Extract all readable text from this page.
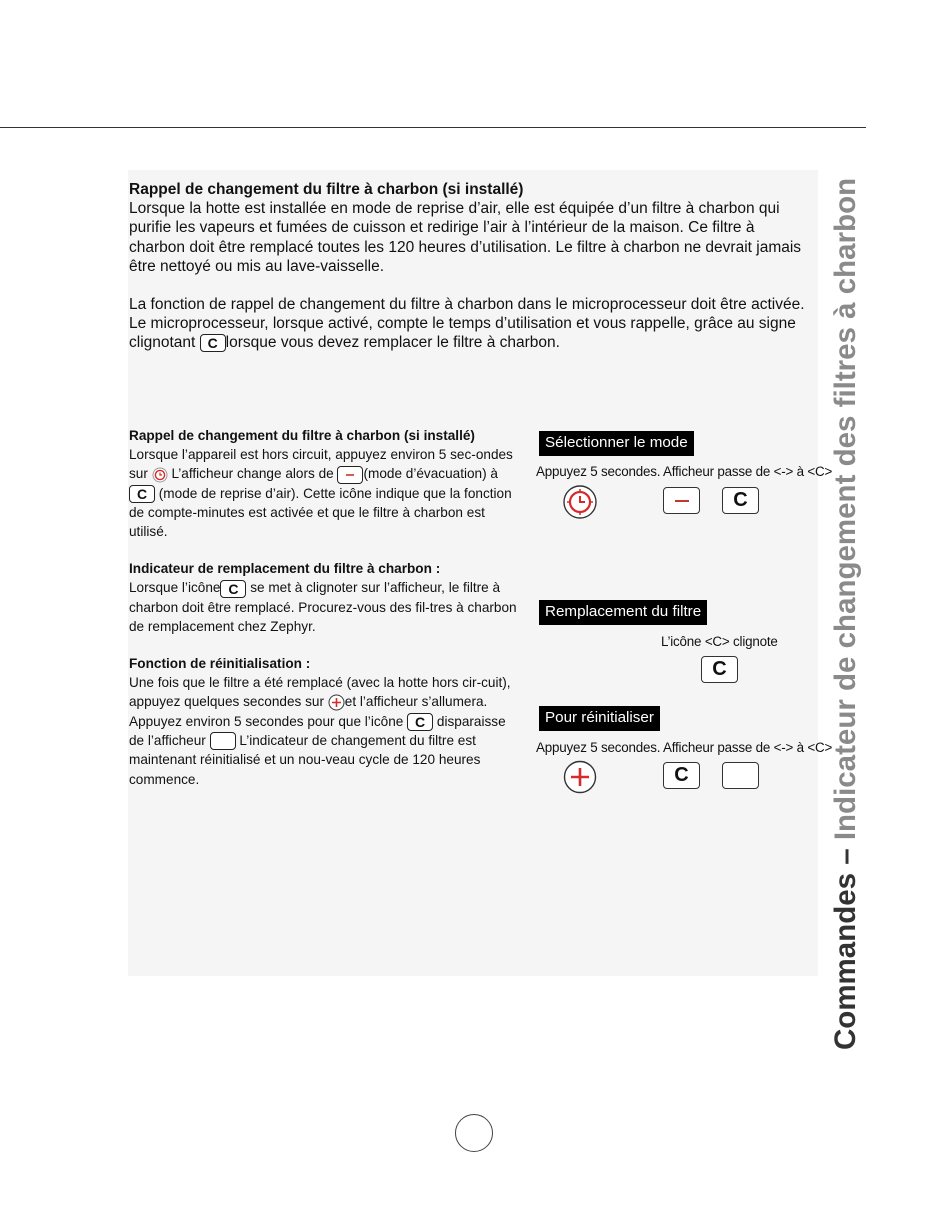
Commandes – Indicateur de changement des filtres à charbon

Rappel de changement du filtre à charbon (si installé)

Lorsque la hotte est installée en mode de reprise d’air, elle est équipée d’un filtre à charbon qui purifie les vapeurs et fumées de cuisson et redirige l’air à l’intérieur de la maison. Ce filtre à charbon doit être remplacé toutes les 120 heures d’utilisation. Le filtre à charbon ne devrait jamais être nettoyé ou mis au lave-vaisselle.

La fonction de rappel de changement du filtre à charbon dans le microprocesseur doit être activée. Le microprocesseur, lorsque activé, compte le temps d’utilisation et vous rappelle, grâce au signe clignotant C lorsque vous devez remplacer le filtre à charbon.

Rappel de changement du filtre à charbon (si installé)

Lorsque l’appareil est hors circuit, appuyez environ 5 sec-ondes sur  L’afficheur change alors de (mode d’évacuation) à C (mode de reprise d’air). Cette icône indique que la fonction de compte-minutes est activée et que le filtre à charbon est utilisé.

Indicateur de remplacement du filtre à charbon :

Lorsque l’icône C se met à clignoter sur l’afficheur, le filtre à charbon doit être remplacé. Procurez-vous des fil-tres à charbon de remplacement chez Zephyr.

Fonction de réinitialisation :

Une fois que le filtre a été remplacé (avec la hotte hors cir-cuit), appuyez quelques secondes sur et l’afficheur s’allumera. Appuyez environ 5 secondes pour que l’icône C disparaisse de l’afficheur  L’indicateur de changement du filtre est maintenant réinitialisé et un nou-veau cycle de 120 heures commence.

Sélectionner le mode
Appuyez 5 secondes. Afficheur passe de <-> à <C>
C
Remplacement du filtre
L’icône <C> clignote
C
Pour réinitialiser
Appuyez 5 secondes. Afficheur passe de <-> à <C>
C
